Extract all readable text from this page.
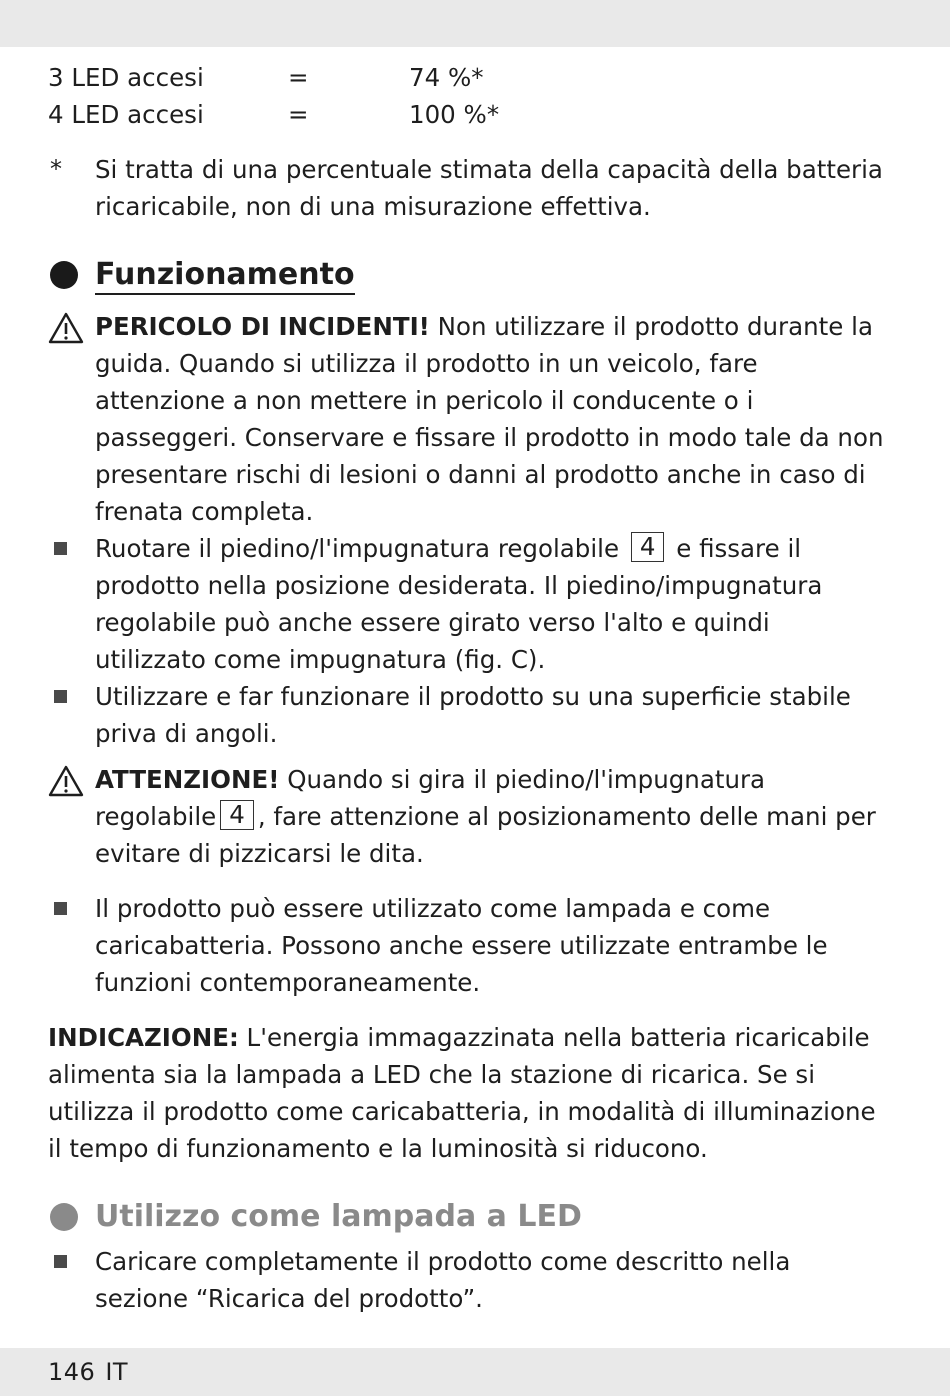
3 LED accesi	=	74 %*
4 LED accesi	=	100 %*
*	Si tratta di una percentuale stimata della capacità della batteria ricaricabile, non di una misurazione effettiva.
Funzionamento
PERICOLO DI INCIDENTI! Non utilizzare il prodotto durante la guida. Quando si utilizza il prodotto in un veicolo, fare attenzione a non mettere in pericolo il conducente o i passeggeri. Conservare e fissare il prodotto in modo tale da non presentare rischi di lesioni o danni al prodotto anche in caso di frenata completa.
Ruotare il piedino/l'impugnatura regolabile 4 e fissare il prodotto nella posizione desiderata. Il piedino/impugnatura regolabile può anche essere girato verso l'alto e quindi utilizzato come impugnatura (fig. C).
Utilizzare e far funzionare il prodotto su una superficie stabile priva di angoli.
ATTENZIONE! Quando si gira il piedino/l'impugnatura regolabile 4 , fare attenzione al posizionamento delle mani per evitare di pizzicarsi le dita.
Il prodotto può essere utilizzato come lampada e come caricabatteria. Possono anche essere utilizzate entrambe le funzioni contemporaneamente.
INDICAZIONE: L'energia immagazzinata nella batteria ricaricabile alimenta sia la lampada a LED che la stazione di ricarica. Se si utilizza il prodotto come caricabatteria, in modalità di illuminazione il tempo di funzionamento e la luminosità si riducono.
Utilizzo come lampada a LED
Caricare completamente il prodotto come descritto nella sezione “Ricarica del prodotto”.
146 IT
